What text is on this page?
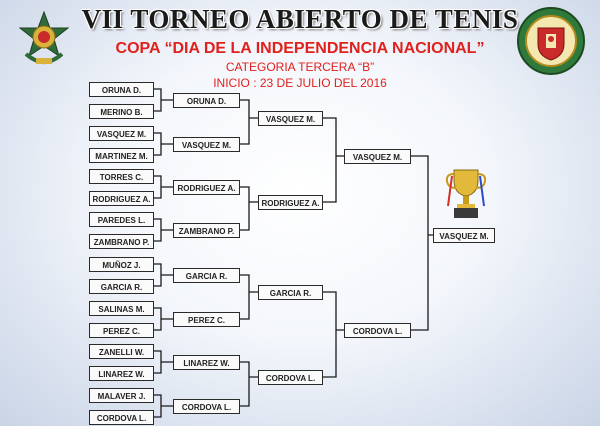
VII TORNEO ABIERTO DE TENIS
COPA “DIA DE LA INDEPENDENCIA NACIONAL”
CATEGORIA TERCERA “B”
INICIO : 23 DE JULIO DEL 2016
ORUNA D.
MERINO B.
VASQUEZ M.
MARTINEZ M.
TORRES C.
RODRIGUEZ A.
PAREDES L.
ZAMBRANO P.
MUÑOZ J.
GARCIA R.
SALINAS M.
PEREZ C.
ZANELLI W.
LINAREZ W.
MALAVER J.
CORDOVA L.
ORUNA D.
VASQUEZ M.
RODRIGUEZ A.
ZAMBRANO P.
GARCIA R.
PEREZ C.
LINAREZ W.
CORDOVA L.
VASQUEZ M.
RODRIGUEZ A.
GARCIA R.
CORDOVA L.
VASQUEZ M.
CORDOVA L.
VASQUEZ M.
